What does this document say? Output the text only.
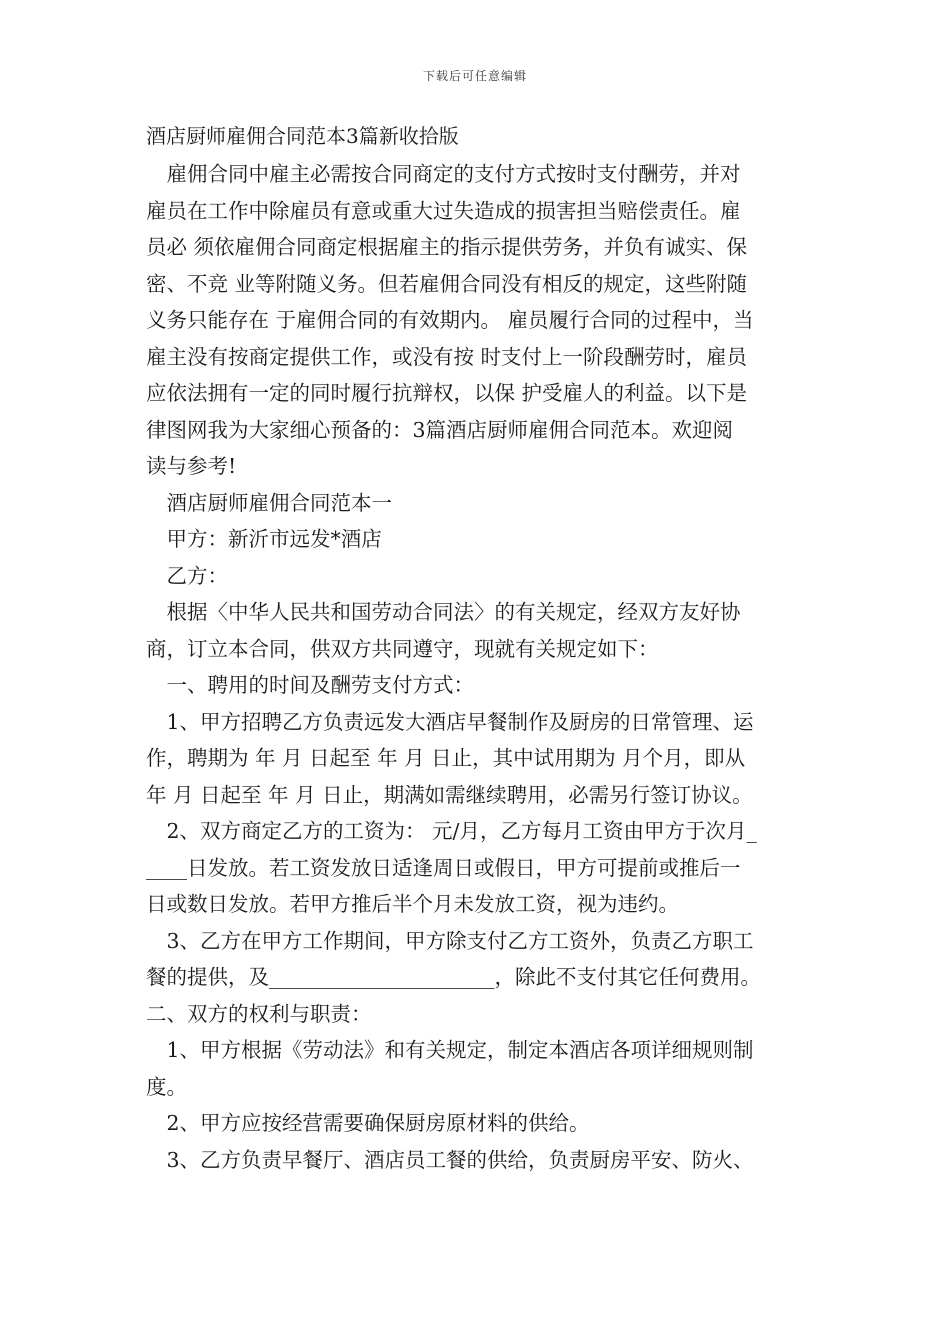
下载后可任意编辑
酒店厨师雇佣合同范本3篇新收拾版
　雇佣合同中雇主必需按合同商定的支付方式按时支付酬劳，并对
雇员在工作中除雇员有意或重大过失造成的损害担当赔偿责任。雇
员必 须依雇佣合同商定根据雇主的指示提供劳务，并负有诚实、保
密、不竞 业等附随义务。但若雇佣合同没有相反的规定，这些附随
义务只能存在 于雇佣合同的有效期内。 雇员履行合同的过程中，当
雇主没有按商定提供工作，或没有按 时支付上一阶段酬劳时，雇员
应依法拥有一定的同时履行抗辩权，以保 护受雇人的利益。以下是
律图网我为大家细心预备的：3篇酒店厨师雇佣合同范本。欢迎阅
读与参考!
　酒店厨师雇佣合同范本一
　甲方：新沂市远发*酒店
　乙方：
　根据〈中华人民共和国劳动合同法〉的有关规定，经双方友好协
商，订立本合同，供双方共同遵守，现就有关规定如下：
　一、聘用的时间及酬劳支付方式：
　1、甲方招聘乙方负责远发大酒店早餐制作及厨房的日常管理、运
作，聘期为 年 月 日起至 年 月 日止，其中试用期为 月个月，即从
年 月 日起至 年 月 日止，期满如需继续聘用，必需另行签订协议。
　2、双方商定乙方的工资为： 元/月，乙方每月工资由甲方于次月_
____日发放。若工资发放日适逢周日或假日，甲方可提前或推后一
日或数日发放。若甲方推后半个月未发放工资，视为违约。
　3、乙方在甲方工作期间，甲方除支付乙方工资外，负责乙方职工
餐的提供，及______________________，除此不支付其它任何费用。
二、双方的权利与职责：
　1、甲方根据《劳动法》和有关规定，制定本酒店各项详细规则制
度。
　2、甲方应按经营需要确保厨房原材料的供给。
　3、乙方负责早餐厅、酒店员工餐的供给，负责厨房平安、防火、
